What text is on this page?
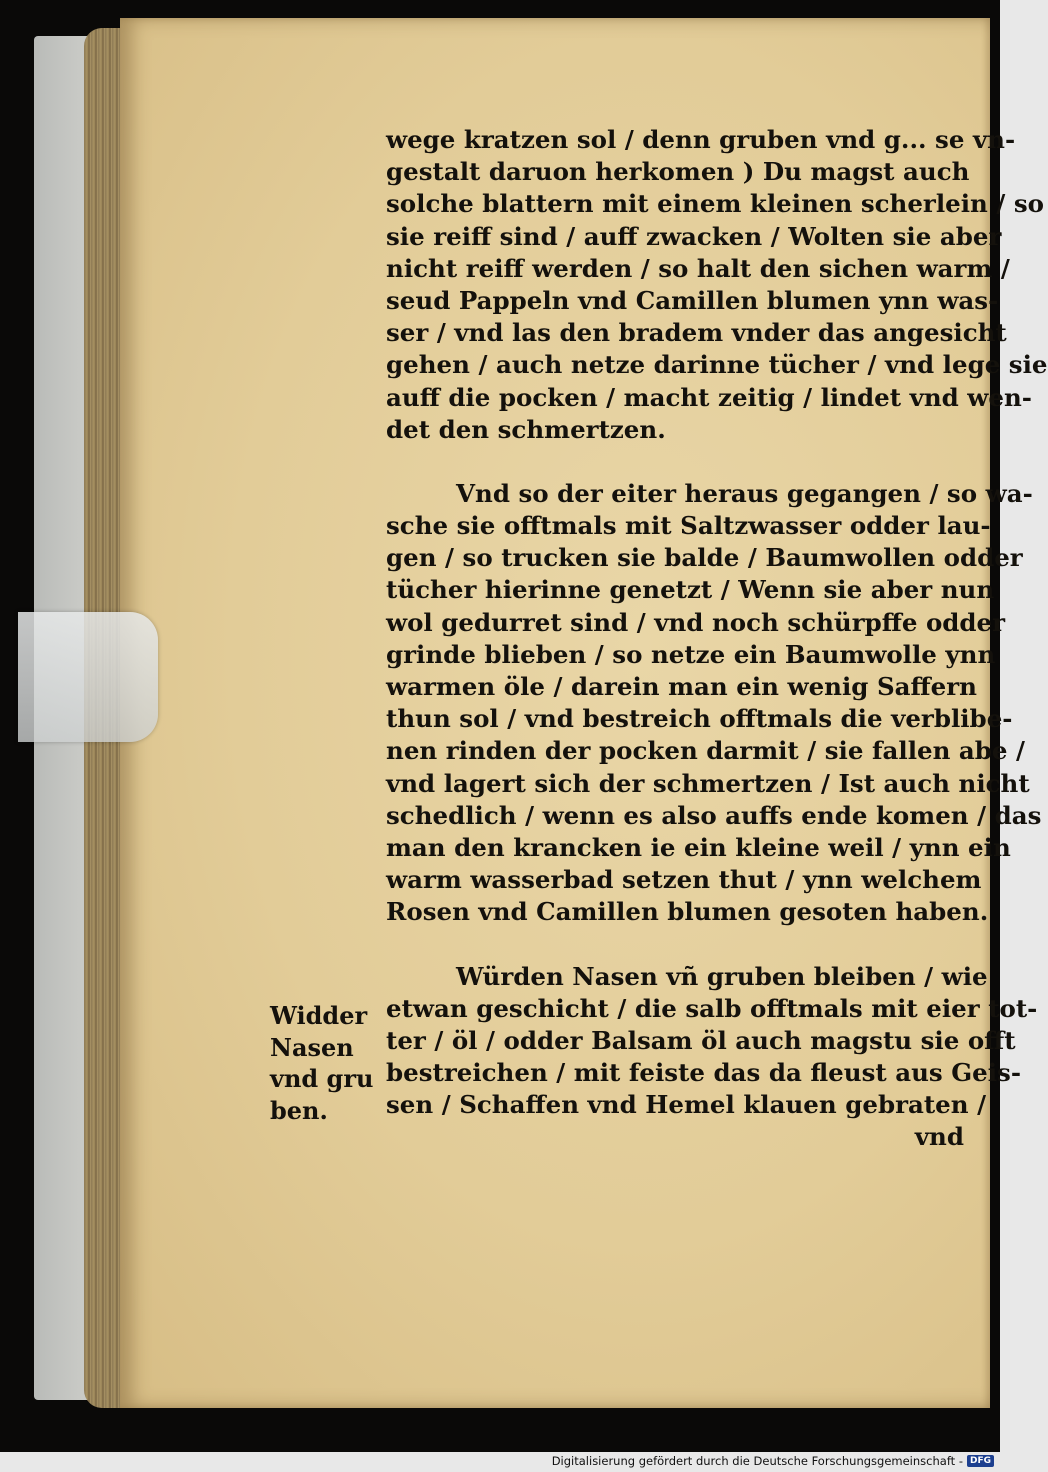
wege kratzen sol / denn gruben vnd g... se vn-
gestalt daruon herkomen ) Du magst auch
solche blattern mit einem kleinen scherlein / so
sie reiff sind / auff zwacken / Wolten sie aber
nicht reiff werden / so halt den sichen warm /
seud Pappeln vnd Camillen blumen ynn was-
ser / vnd las den bradem vnder das angesicht
gehen / auch netze darinne tücher / vnd lege sie
auff die pocken / macht zeitig / lindet vnd wen-
det den schmertzen.
Vnd so der eiter heraus gegangen / so wa-
sche sie offtmals mit Saltzwasser odder lau-
gen / so trucken sie balde / Baumwollen odder
tücher hierinne genetzt / Wenn sie aber nun
wol gedurret sind / vnd noch schürpffe odder
grinde blieben / so netze ein Baumwolle ynn
warmen öle / darein man ein wenig Saffern
thun sol / vnd bestreich offtmals die verblibe-
nen rinden der pocken darmit / sie fallen abe /
vnd lagert sich der schmertzen / Ist auch nicht
schedlich / wenn es also auffs ende komen / das
man den krancken ie ein kleine weil / ynn ein
warm wasserbad setzen thut / ynn welchem
Rosen vnd Camillen blumen gesoten haben.
Würden Nasen vñ gruben bleiben / wie
etwan geschicht / die salb offtmals mit eier tot-
ter / öl / odder Balsam öl auch magstu sie offt
bestreichen / mit feiste das da fleust aus Geis-
sen / Schaffen vnd Hemel klauen gebraten /
vnd
Widder
Nasen
vnd gru
ben.
Digitalisierung gefördert durch die Deutsche Forschungsgemeinschaft - DFG
